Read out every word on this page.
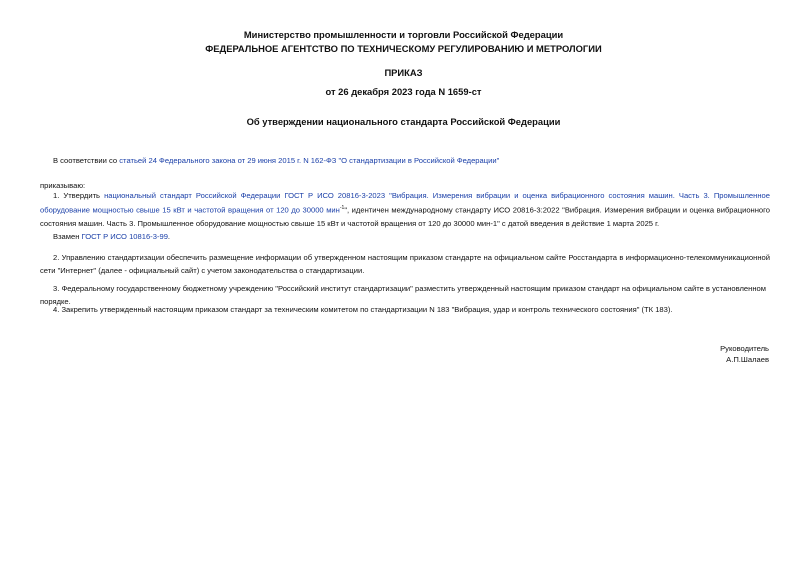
Министерство промышленности и торговли Российской Федерации
ФЕДЕРАЛЬНОЕ АГЕНТСТВО ПО ТЕХНИЧЕСКОМУ РЕГУЛИРОВАНИЮ И МЕТРОЛОГИИ
ПРИКАЗ
от 26 декабря 2023 года N 1659-ст
Об утверждении национального стандарта Российской Федерации
В соответствии со статьей 24 Федерального закона от 29 июня 2015 г. N 162-ФЗ "О стандартизации в Российской Федерации"
приказываю:
1. Утвердить национальный стандарт Российской Федерации ГОСТ Р ИСО 20816-3-2023 "Вибрация. Измерения вибрации и оценка вибрационного состояния машин. Часть 3. Промышленное оборудование мощностью свыше 15 кВт и частотой вращения от 120 до 30000 мин$^{-1}$", идентичен международному стандарту ИСО 20816-3:2022 "Вибрация. Измерения вибрации и оценка вибрационного состояния машин. Часть 3. Промышленное оборудование мощностью свыше 15 кВт и частотой вращения от 120 до 30000 мин-1" с датой введения в действие 1 марта 2025 г.
Взамен ГОСТ Р ИСО 10816-3-99.
2. Управлению стандартизации обеспечить размещение информации об утвержденном настоящим приказом стандарте на официальном сайте Росстандарта в информационно-телекоммуникационной сети "Интернет" (далее - официальный сайт) с учетом законодательства о стандартизации.
3. Федеральному государственному бюджетному учреждению "Российский институт стандартизации" разместить утвержденный настоящим приказом стандарт на официальном сайте в установленном порядке.
4. Закрепить утвержденный настоящим приказом стандарт за техническим комитетом по стандартизации N 183 "Вибрация, удар и контроль технического состояния" (ТК 183).
Руководитель
А.П.Шалаев
